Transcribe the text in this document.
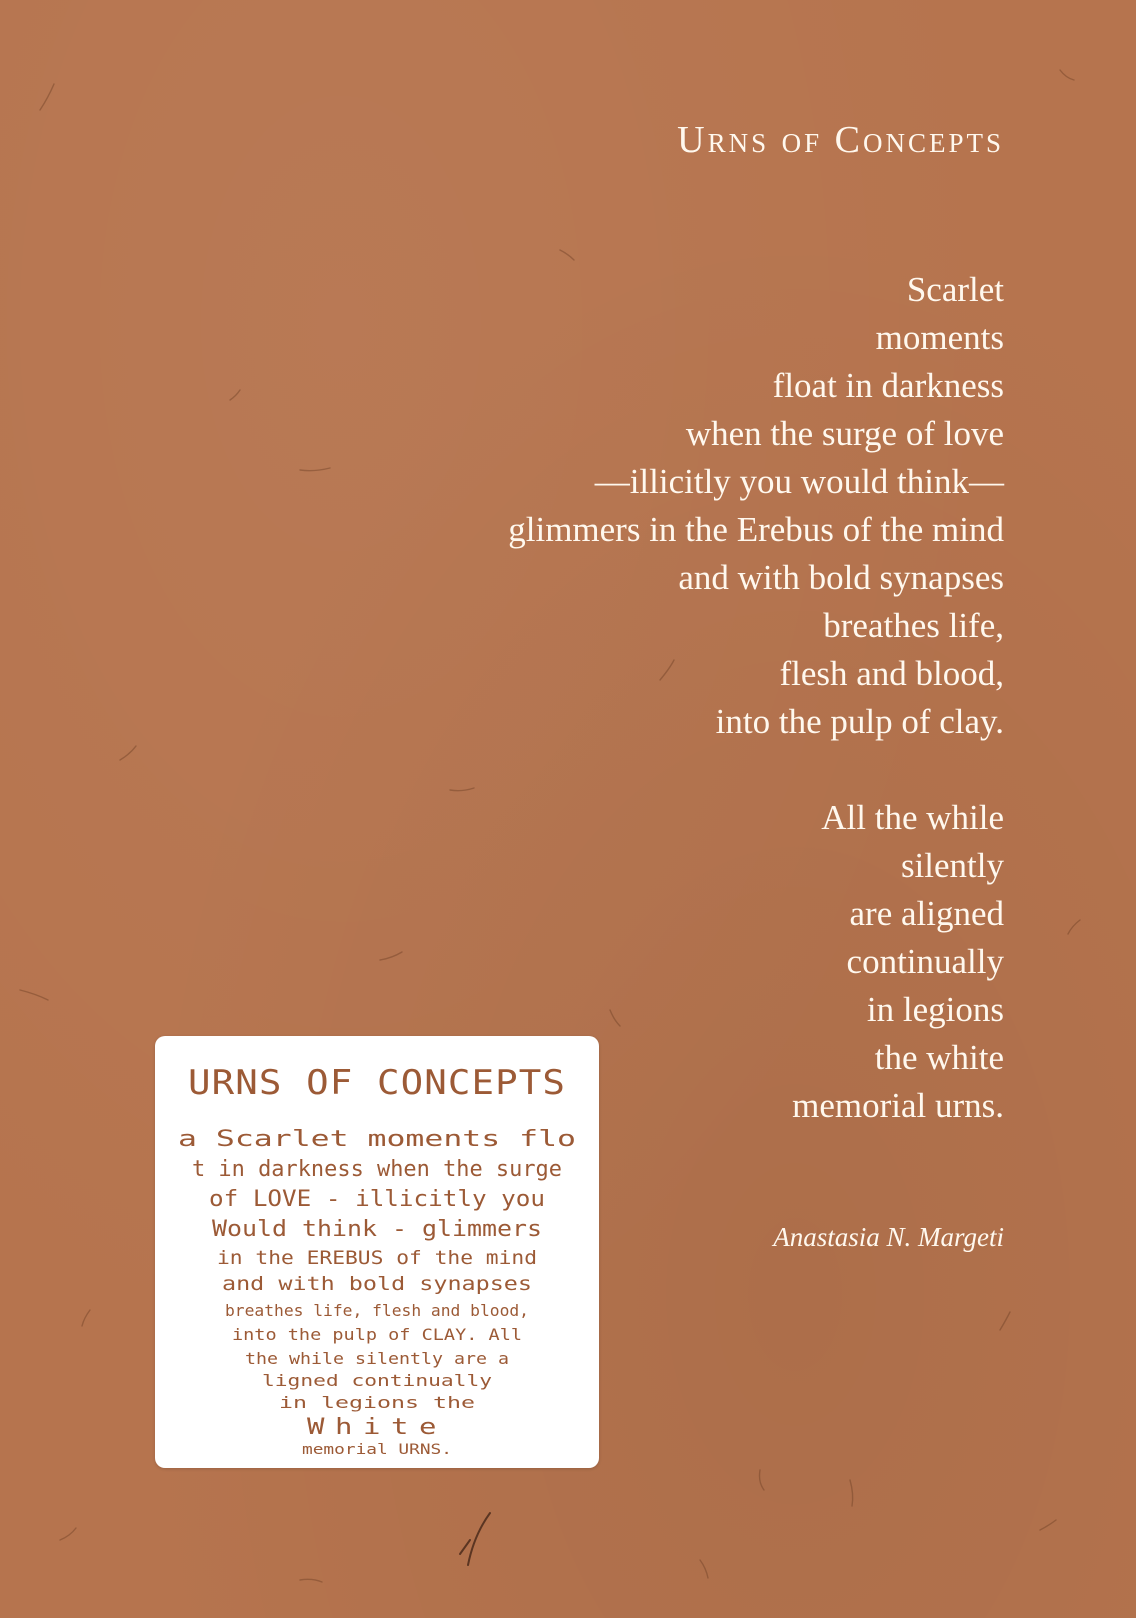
Urns of Concepts
Scarlet
moments
float in darkness
when the surge of love
—illicitly you would think—
glimmers in the Erebus of the mind
and with bold synapses
breathes life,
flesh and blood,
into the pulp of clay.
All the while
silently
are aligned
continually
in legions
the white
memorial urns.
Anastasia N. Margeti
URNS OF CONCEPTS
a Scarlet moments flo
t in darkness when the surge
of LOVE - illicitly you
Would think - glimmers
in the EREBUS of the mind
and with bold synapses
breathes life, flesh and blood,
into the pulp of CLAY. All
the while silently are a
ligned continually
in legions the
White
memorial URNS.
